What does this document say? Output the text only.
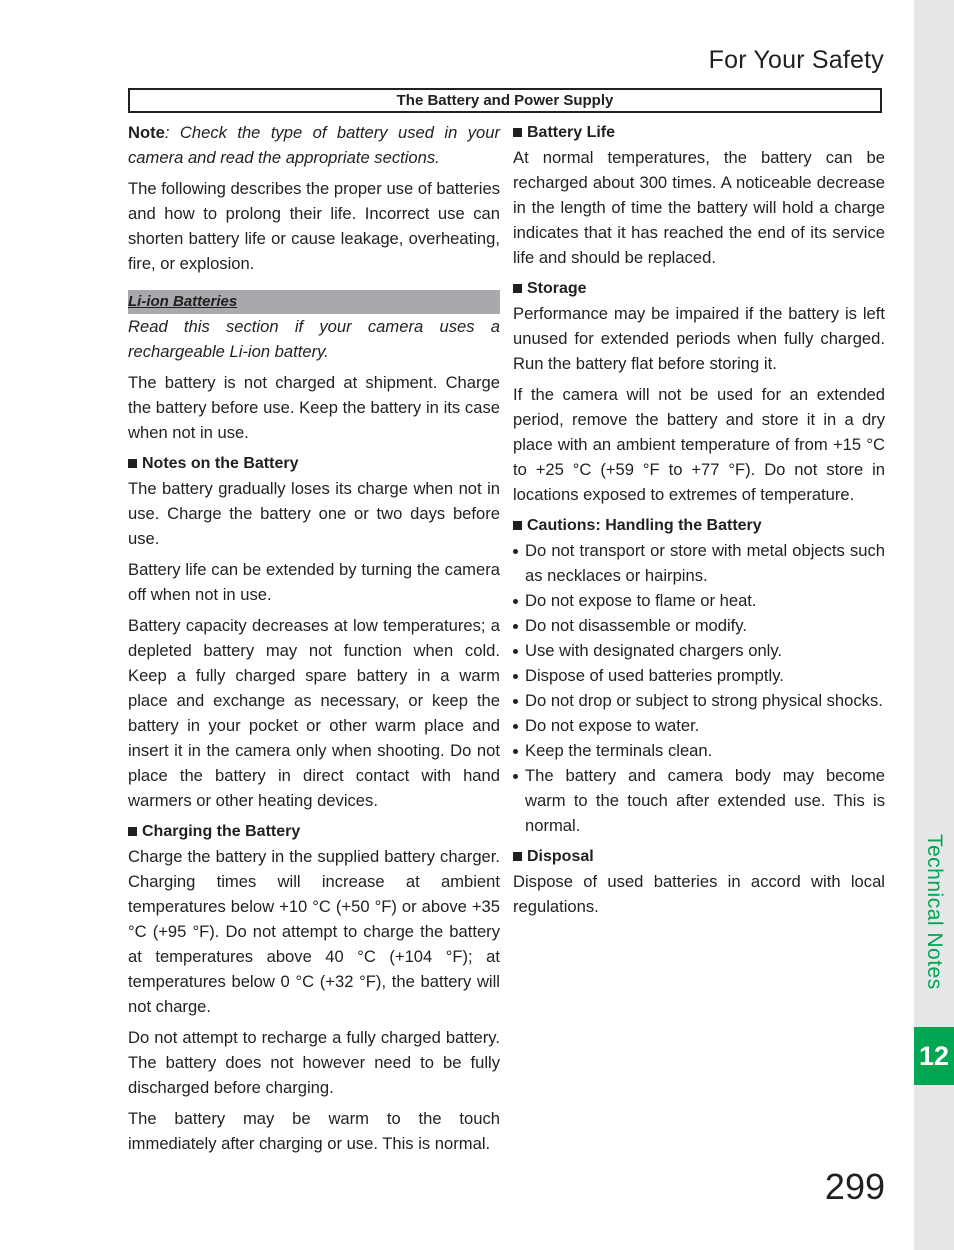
For Your Safety
The Battery and Power Supply

Note: Check the type of battery used in your camera and read the appropriate sections.

The following describes the proper use of batteries and how to prolong their life. Incorrect use can shorten battery life or cause leakage, overheating, fire, or explosion.

Li-ion Batteries

Read this section if your camera uses a rechargeable Li-ion battery.

The battery is not charged at shipment. Charge the battery before use. Keep the battery in its case when not in use.

Notes on the Battery

The battery gradually loses its charge when not in use. Charge the battery one or two days before use.

Battery life can be extended by turning the camera off when not in use.

Battery capacity decreases at low temperatures; a depleted battery may not function when cold. Keep a fully charged spare battery in a warm place and exchange as necessary, or keep the battery in your pocket or other warm place and insert it in the camera only when shooting. Do not place the battery in direct contact with hand warmers or other heating devices.

Charging the Battery

Charge the battery in the supplied battery charger. Charging times will increase at ambient temperatures below +10 °C (+50 °F) or above +35 °C (+95 °F). Do not attempt to charge the battery at temperatures above 40 °C (+104 °F); at temperatures below 0 °C (+32 °F), the battery will not charge.

Do not attempt to recharge a fully charged battery. The battery does not however need to be fully discharged before charging.

The battery may be warm to the touch immediately after charging or use. This is normal.

Battery Life

At normal temperatures, the battery can be recharged about 300 times. A noticeable decrease in the length of time the battery will hold a charge indicates that it has reached the end of its service life and should be replaced.

Storage

Performance may be impaired if the battery is left unused for extended periods when fully charged. Run the battery flat before storing it.

If the camera will not be used for an extended period, remove the battery and store it in a dry place with an ambient temperature of from +15 °C to +25 °C (+59 °F to +77 °F). Do not store in locations exposed to extremes of temperature.

Cautions: Handling the Battery
Do not transport or store with metal objects such as necklaces or hairpins.
Do not expose to flame or heat.
Do not disassemble or modify.
Use with designated chargers only.
Dispose of used batteries promptly.
Do not drop or subject to strong physical shocks.
Do not expose to water.
Keep the terminals clean.
The battery and camera body may become warm to the touch after extended use. This is normal.
Disposal

Dispose of used batteries in accord with local regulations.	Technical Notes
12
299
